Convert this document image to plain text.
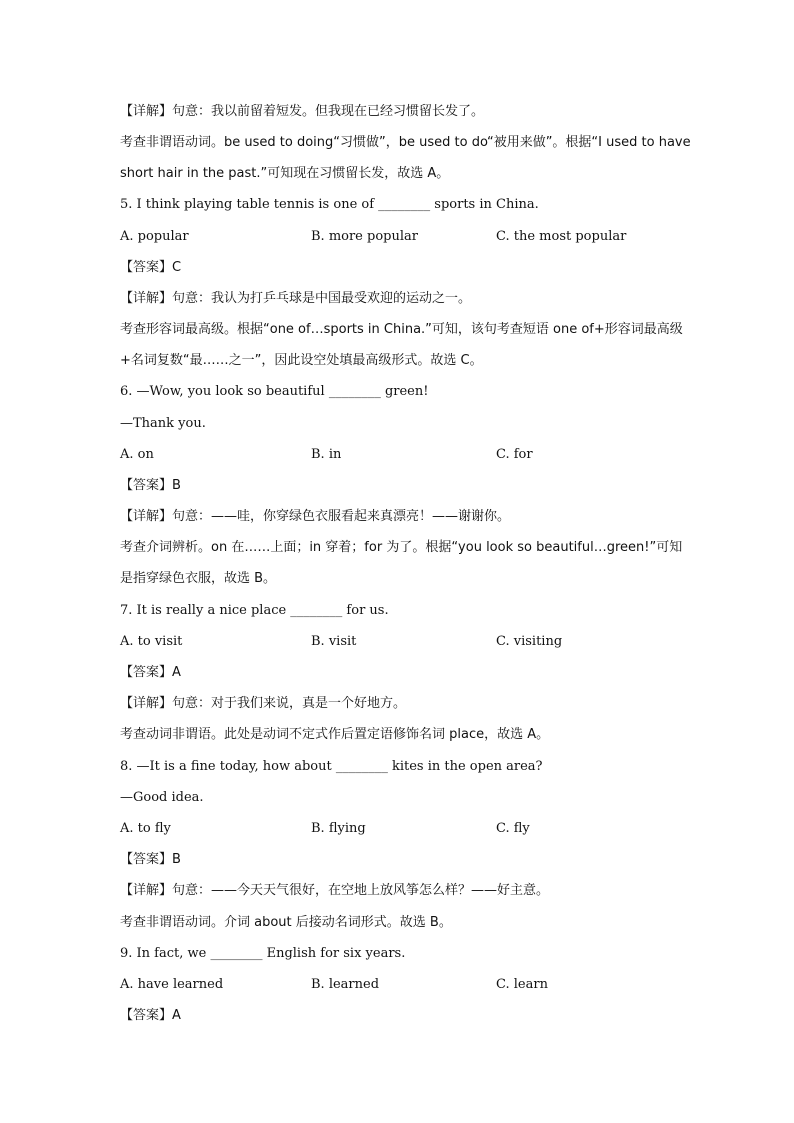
【详解】句意：我以前留着短发。但我现在已经习惯留长发了。
考查非谓语动词。be used to doing“习惯做”，be used to do“被用来做”。根据“I used to have
short hair in the past.”可知现在习惯留长发，故选 A。
5. I think playing table tennis is one of ________ sports in China.
A. popular	B. more popular	C. the most popular
【答案】C
【详解】句意：我认为打乒乓球是中国最受欢迎的运动之一。
考查形容词最高级。根据“one of…sports in China.”可知，该句考查短语 one of+形容词最高级
+名词复数“最……之一”，因此设空处填最高级形式。故选 C。
6. —Wow, you look so beautiful ________ green!
—Thank you.
A. on	B. in	C. for
【答案】B
【详解】句意：——哇，你穿绿色衣服看起来真漂亮！——谢谢你。
考查介词辨析。on 在……上面；in 穿着；for 为了。根据“you look so beautiful…green!”可知
是指穿绿色衣服，故选 B。
7. It is really a nice place ________ for us.
A. to visit	B. visit	C. visiting
【答案】A
【详解】句意：对于我们来说，真是一个好地方。
考查动词非谓语。此处是动词不定式作后置定语修饰名词 place，故选 A。
8. —It is a fine today, how about ________ kites in the open area?
—Good idea.
A. to fly	B. flying	C. fly
【答案】B
【详解】句意：——今天天气很好，在空地上放风筝怎么样？——好主意。
考查非谓语动词。介词 about 后接动名词形式。故选 B。
9. In fact, we ________ English for six years.
A. have learned	B. learned	C. learn
【答案】A
